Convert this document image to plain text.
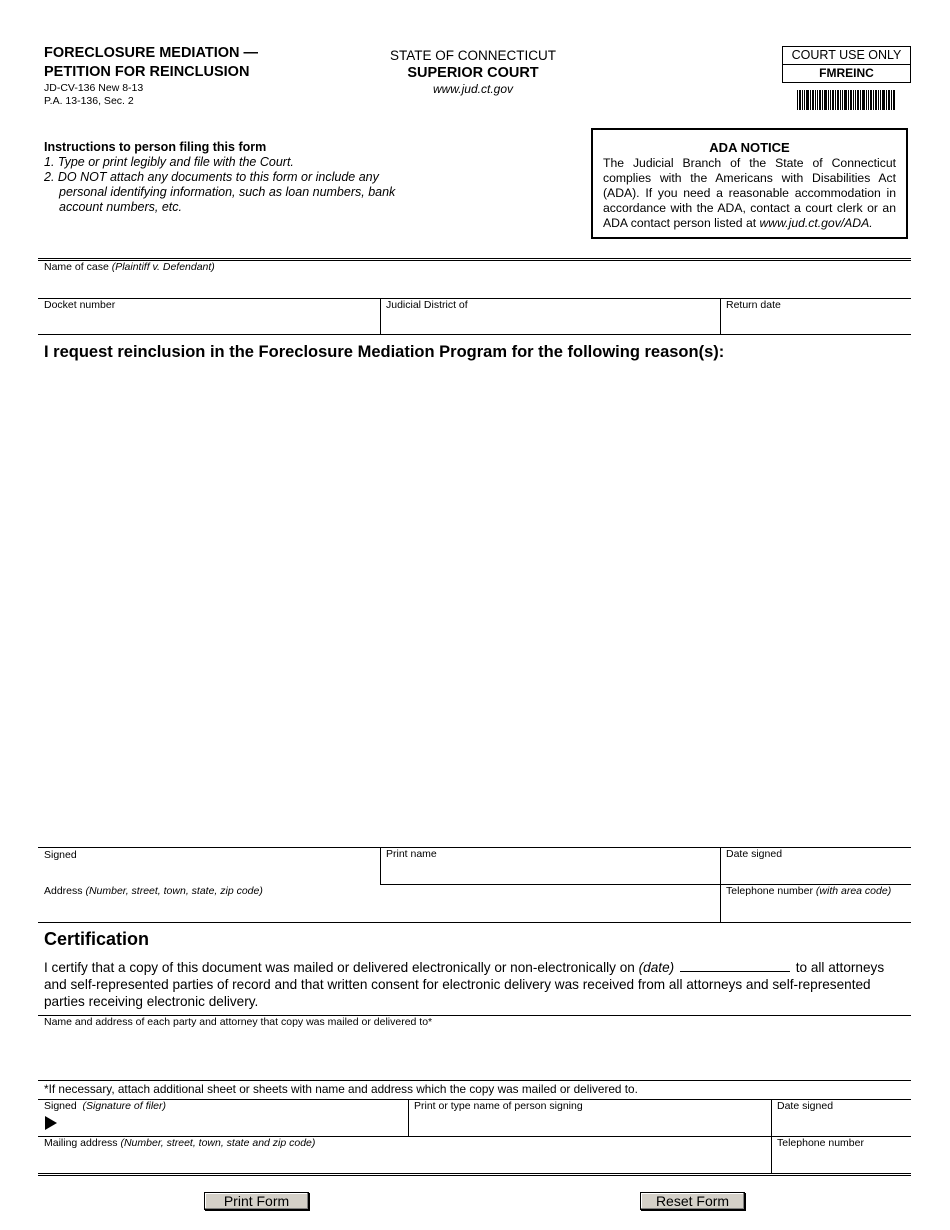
FORECLOSURE MEDIATION —
PETITION FOR REINCLUSION
JD-CV-136 New 8-13
P.A. 13-136, Sec. 2
STATE OF CONNECTICUT
SUPERIOR COURT
www.jud.ct.gov
COURT USE ONLY
FMREINC
Instructions to person filing this form
1. Type or print legibly and file with the Court.
2. DO NOT attach any documents to this form or include any
personal identifying information, such as loan numbers, bank
account numbers, etc.
ADA NOTICE
The Judicial Branch of the State of Connecticut complies with the Americans with Disabilities Act (ADA). If you need a reasonable accommodation in accordance with the ADA, contact a court clerk or an ADA contact person listed at www.jud.ct.gov/ADA.
Name of case (Plaintiff v. Defendant)
Docket number	Judicial District of	Return date
I request reinclusion in the Foreclosure Mediation Program for the following reason(s):
Signed	Print name	Date signed
Address (Number, street, town, state, zip code)	Telephone number (with area code)
Certification
I certify that a copy of this document was mailed or delivered electronically or non-electronically on (date)	to all attorneys
and self-represented parties of record and that written consent for electronic delivery was received from all attorneys and self-represented
parties receiving electronic delivery.
Name and address of each party and attorney that copy was mailed or delivered to*
*If necessary, attach additional sheet or sheets with name and address which the copy was mailed or delivered to.
Signed (Signature of filer)	Print or type name of person signing	Date signed
Mailing address (Number, street, town, state and zip code)	Telephone number
Print Form	Reset Form
